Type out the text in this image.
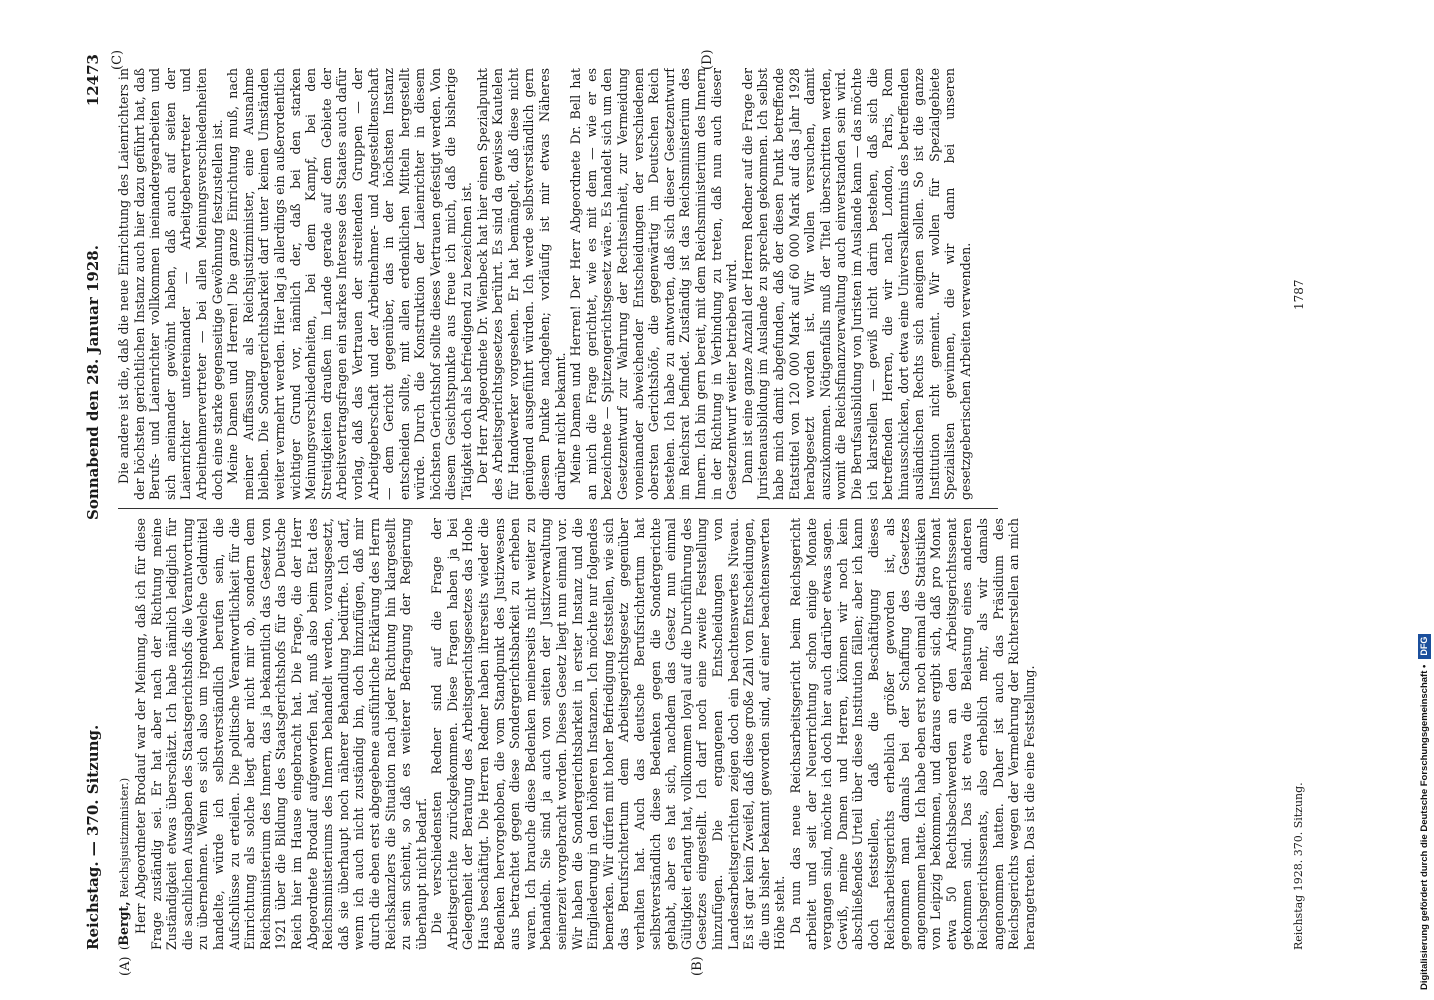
Reichstag. — 370. Sitzung.
Sonnabend den 28. Januar 1928.
12473

(Bergt, Reichsjustizminister.) Herr Abgeordneter Brodauf war der Meinung, daß ich für diese Frage zuständig sei. Er hat aber nach der Richtung meine Zuständigkeit etwas überschätzt. Ich habe nämlich lediglich für die sachlichen Ausgaben des Staatsgerichtshofs die Verantwortung zu übernehmen. Wenn es sich also um irgendwelche Geldmittel handelte, würde ich selbstverständlich berufen sein, die Aufschlüsse zu erteilen. Die politische Verantwortlichkeit für die Einrichtung als solche liegt aber nicht mir ob, sondern dem Reichsministerium des Innern, das ja bekanntlich das Gesetz von 1921 über die Bildung des Staatsgerichtshofs für das Deutsche Reich hier im Hause eingebracht hat. Die Frage, die der Herr Abgeordnete Brodauf aufgeworfen hat, muß also beim Etat des Reichsministeriums des Innern behandelt werden, vorausgesetzt, daß sie überhaupt noch näherer Behandlung bedürfte. Ich darf, wenn ich auch nicht zuständig bin, doch hinzufügen, daß mir durch die eben erst abgegebene ausführliche Erklärung des Herrn Reichskanzlers die Situation nach jeder Richtung hin klargestellt zu sein scheint, so daß es weiterer Befragung der Regierung überhaupt nicht bedarf. Die verschiedensten Redner sind auf die Frage der Arbeitsgerichte zurückgekommen. Diese Fragen haben ja bei Gelegenheit der Beratung des Arbeitsgerichtsgesetzes das Hohe Haus beschäftigt. Die Herren Redner haben ihrerseits wieder die Bedenken hervorgehoben, die vom Standpunkt des Justizwesens aus betrachtet gegen diese Sondergerichtsbarkeit zu erheben waren. Ich brauche diese Bedenken meinerseits nicht weiter zu behandeln. Sie sind ja auch von seiten der Justizverwaltung seinerzeit vorgebracht worden. Dieses Gesetz liegt nun einmal vor. Wir haben die Sondergerichtsbarkeit in erster Instanz und die Eingliederung in den höheren Instanzen. Ich möchte nur folgendes bemerken. Wir dürfen mit hoher Befriedigung feststellen, wie sich das Berufsrichtertum dem Arbeitsgerichtsgesetz gegenüber verhalten hat. Auch das deutsche Berufsrichtertum hat selbstverständlich diese Bedenken gegen die Sondergerichte gehabt, aber es hat sich, nachdem das Gesetz nun einmal Gültigkeit erlangt hat, vollkommen loyal auf die Durchführung des Gesetzes eingestellt. Ich darf noch eine zweite Feststellung hinzufügen. Die ergangenen Entscheidungen von Landesarbeitsgerichten zeigen doch ein beachtenswertes Niveau. Es ist gar kein Zweifel, daß diese große Zahl von Entscheidungen, die uns bisher bekannt geworden sind, auf einer beachtenswerten Höhe steht. Da nun das neue Reichsarbeitsgericht beim Reichsgericht arbeitet und seit der Neuerrichtung schon einige Monate vergangen sind, möchte ich doch hier auch darüber etwas sagen. Gewiß, meine Damen und Herren, können wir noch kein abschließendes Urteil über diese Institution fällen; aber ich kann doch feststellen, daß die Beschäftigung dieses Reichsarbeitsgerichts erheblich größer geworden ist, als genommen man damals bei der Schaffung des Gesetzes angenommen hatte. Ich habe eben erst noch einmal die Statistiken von Leipzig bekommen, und daraus ergibt sich, daß pro Monat etwa 50 Rechtsbeschwerden an den Arbeitsgerichtssenat gekommen sind. Das ist etwa die Belastung eines anderen Reichsgerichtssenats, also erheblich mehr, als wir damals angenommen hatten. Daher ist auch das Präsidium des Reichsgerichts wegen der Vermehrung der Richterstellen an mich herangetreten. Das ist die eine Feststellung.

Die andere ist die, daß die neue Einrichtung des Laienrichters in der höchsten gerichtlichen Instanz auch hier dazu geführt hat, daß Berufs- und Laienrichter vollkommen ineinandergearbeiten und sich aneinander gewöhnt haben, daß auch auf seiten der Laienrichter untereinander — Arbeitgebervertreter und Arbeitnehmervertreter — bei allen Meinungsverschiedenheiten doch eine starke gegenseitige Gewöhnung festzustellen ist. Meine Damen und Herren! Die ganze Einrichtung muß, nach meiner Auffassung als Reichsjustizminister, eine Ausnahme bleiben. Die Sondergerichtsbarkeit darf unter keinen Umständen weiter vermehrt werden. Hier lag ja allerdings ein außerordentlich wichtiger Grund vor, nämlich der, daß bei den starken Meinungsverschiedenheiten, bei dem Kampf, bei den Streitigkeiten draußen im Lande gerade auf dem Gebiete der Arbeitsvertragsfragen ein starkes Interesse des Staates auch dafür vorlag, daß das Vertrauen der streitenden Gruppen — der Arbeitgeberschaft und der Arbeitnehmer- und Angestelltenschaft — dem Gericht gegenüber, das in der höchsten Instanz entscheiden sollte, mit allen erdenklichen Mitteln hergestellt würde. Durch die Konstruktion der Laienrichter in diesem höchsten Gerichtshof sollte dieses Vertrauen gefestigt werden. Von diesem Gesichtspunkte aus freue ich mich, daß die bisherige Tätigkeit doch als befriedigend zu bezeichnen ist. Der Herr Abgeordnete Dr. Wienbeck hat hier einen Spezialpunkt des Arbeitsgerichtsgesetzes berührt. Es sind da gewisse Kautelen für Handwerker vorgesehen. Er hat bemängelt, daß diese nicht genügend ausgeführt würden. Ich werde selbstverständlich gern diesem Punkte nachgehen; vorläufig ist mir etwas Näheres darüber nicht bekannt. Meine Damen und Herren! Der Herr Abgeordnete Dr. Bell hat an mich die Frage gerichtet, wie es mit dem — wie er es bezeichnete — Spitzengerichtsgesetz wäre. Es handelt sich um den Gesetzentwurf zur Wahrung der Rechtseinheit, zur Vermeidung voneinander abweichender Entscheidungen der verschiedenen obersten Gerichtshöfe, die gegenwärtig im Deutschen Reich bestehen. Ich habe zu antworten, daß sich dieser Gesetzentwurf im Reichsrat befindet. Zuständig ist das Reichsministerium des Innern. Ich bin gern bereit, mit dem Reichsministerium des Innern in der Richtung in Verbindung zu treten, daß nun auch dieser Gesetzentwurf weiter betrieben wird. Dann ist eine ganze Anzahl der Herren Redner auf die Frage der Juristenausbildung im Auslande zu sprechen gekommen. Ich selbst habe mich damit abgefunden, daß der diesen Punkt betreffende Etatstitel von 120 000 Mark auf 60 000 Mark auf das Jahr 1928 herabgesetzt worden ist. Wir wollen versuchen, damit auszukommen. Nötigenfalls muß der Titel überschritten werden, womit die Reichsfinanzverwaltung auch einverstanden sein wird. Die Berufsausbildung von Juristen im Auslande kann — das möchte ich klarstellen — gewiß nicht darin bestehen, daß sich die betreffenden Herren, die wir nach London, Paris, Rom hinausschicken, dort etwa eine Universalkenntnis des betreffenden ausländischen Rechts sich aneignen sollen. So ist die ganze Institution nicht gemeint. Wir wollen für Spezialgebiete Spezialisten gewinnen, die wir dann bei unseren gesetzgeberischen Arbeiten verwenden.

(A)	(B)
(C)	(D)
Reichstag 1928. 370. Sitzung.
1787
Digitalisierung gefördert durch die Deutsche Forschungsgemeinschaft •DFG
